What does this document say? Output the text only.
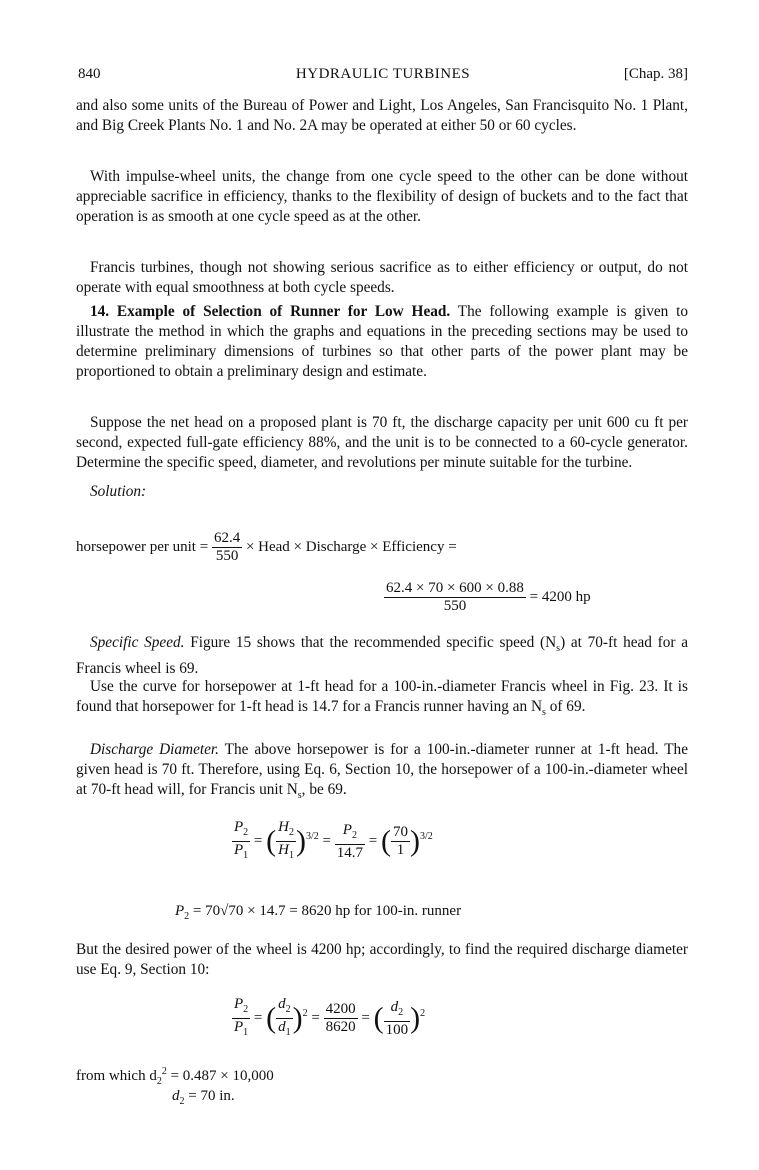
840	HYDRAULIC TURBINES	[Chap. 38]
and also some units of the Bureau of Power and Light, Los Angeles, San Francisquito No. 1 Plant, and Big Creek Plants No. 1 and No. 2A may be operated at either 50 or 60 cycles.
With impulse-wheel units, the change from one cycle speed to the other can be done without appreciable sacrifice in efficiency, thanks to the flexibility of design of buckets and to the fact that operation is as smooth at one cycle speed as at the other.
Francis turbines, though not showing serious sacrifice as to either efficiency or output, do not operate with equal smoothness at both cycle speeds.
14. Example of Selection of Runner for Low Head. The following example is given to illustrate the method in which the graphs and equations in the preceding sections may be used to determine preliminary dimensions of turbines so that other parts of the power plant may be proportioned to obtain a preliminary design and estimate.
Suppose the net head on a proposed plant is 70 ft, the discharge capacity per unit 600 cu ft per second, expected full-gate efficiency 88%, and the unit is to be connected to a 60-cycle generator. Determine the specific speed, diameter, and revolutions per minute suitable for the turbine.
Solution:
horsepower per unit = $\frac{62.4}{550}$ × Head × Discharge × Efficiency =
$\frac{62.4 \times 70 \times 600 \times 0.88}{550} = 4200$ hp
Specific Speed. Figure 15 shows that the recommended specific speed $(N_s)$ at 70-ft head for a Francis wheel is 69.
Use the curve for horsepower at 1-ft head for a 100-in.-diameter Francis wheel in Fig. 23. It is found that horsepower for 1-ft head is 14.7 for a Francis runner having an $N_s$ of 69.
Discharge Diameter. The above horsepower is for a 100-in.-diameter runner at 1-ft head. The given head is 70 ft. Therefore, using Eq. 6, Section 10, the horsepower of a 100-in.-diameter wheel at 70-ft head will, for Francis unit $N_s$, be 69.
$\frac{P_2}{P_1}$ = ( $\frac{H_2}{H_1} )^{3/2} = \frac{P_2}{14.7}$ = ( $\frac{70}{1} )^{3/2}$
$P_2 = 70√70 \times 14.7 = 8620$ hp for 100-in. runner
But the desired power of the wheel is 4200 hp; accordingly, to find the required discharge diameter use Eq. 9, Section 10:
$\frac{P_2}{P_1}$ = ( $\frac{d_2}{d_1} )^2 = \frac{4200}{8620}$ = ( $\frac{d_2}{100} )^2$
from which $d_2^2 = 0.487 \times 10,000$
$d_2 = 70$ in.
